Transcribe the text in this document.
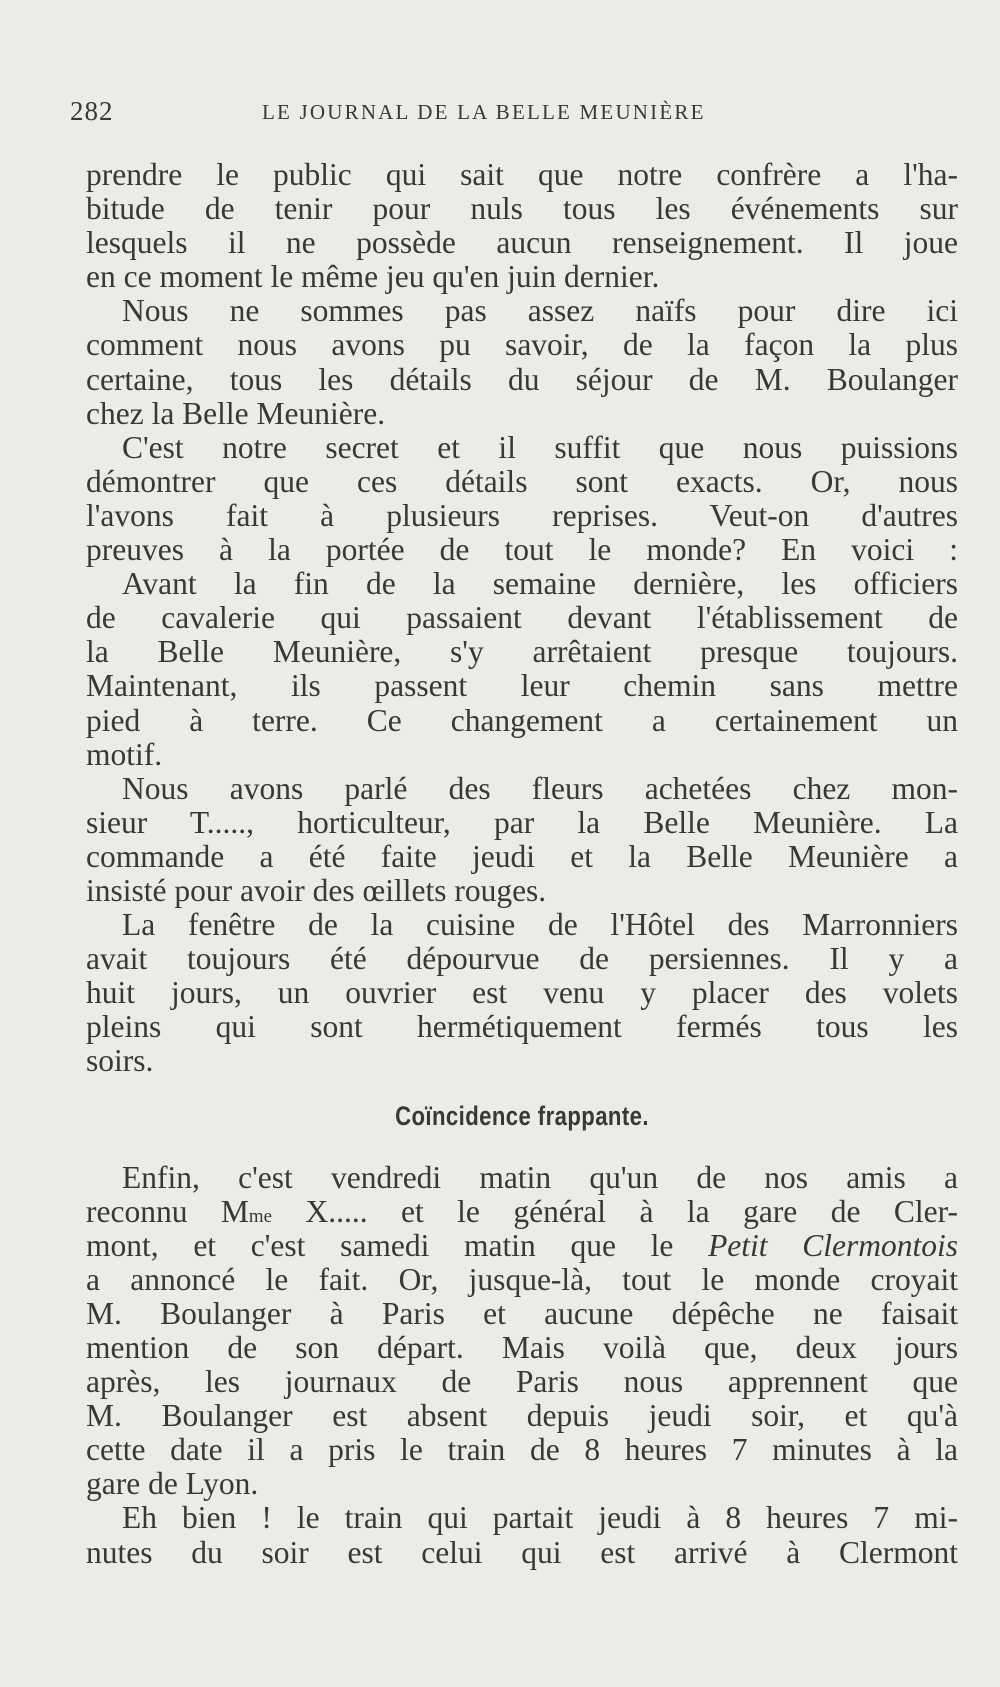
282	LE JOURNAL DE LA BELLE MEUNIÈRE
prendre le public qui sait que notre confrère a l'ha-
bitude de tenir pour nuls tous les événements sur
lesquels il ne possède aucun renseignement. Il joue
en ce moment le même jeu qu'en juin dernier.
Nous ne sommes pas assez naïfs pour dire ici
comment nous avons pu savoir, de la façon la plus
certaine, tous les détails du séjour de M. Boulanger
chez la Belle Meunière.
C'est notre secret et il suffit que nous puissions
démontrer que ces détails sont exacts. Or, nous
l'avons fait à plusieurs reprises. Veut-on d'autres
preuves à la portée de tout le monde? En voici :
Avant la fin de la semaine dernière, les officiers
de cavalerie qui passaient devant l'établissement de
la Belle Meunière, s'y arrêtaient presque toujours.
Maintenant, ils passent leur chemin sans mettre
pied à terre. Ce changement a certainement un
motif.
Nous avons parlé des fleurs achetées chez mon-
sieur T....., horticulteur, par la Belle Meunière. La
commande a été faite jeudi et la Belle Meunière a
insisté pour avoir des œillets rouges.
La fenêtre de la cuisine de l'Hôtel des Marronniers
avait toujours été dépourvue de persiennes. Il y a
huit jours, un ouvrier est venu y placer des volets
pleins qui sont hermétiquement fermés tous les
soirs.
Coïncidence frappante.
Enfin, c'est vendredi matin qu'un de nos amis a
reconnu $M^{me}$ X..... et le général à la gare de Cler-
mont, et c'est samedi matin que le Petit Clermontois
a annoncé le fait. Or, jusque-là, tout le monde croyait
M. Boulanger à Paris et aucune dépêche ne faisait
mention de son départ. Mais voilà que, deux jours
après, les journaux de Paris nous apprennent que
M. Boulanger est absent depuis jeudi soir, et qu'à
cette date il a pris le train de 8 heures 7 minutes à la
gare de Lyon.
Eh bien ! le train qui partait jeudi à 8 heures 7 mi-
nutes du soir est celui qui est arrivé à Clermont
